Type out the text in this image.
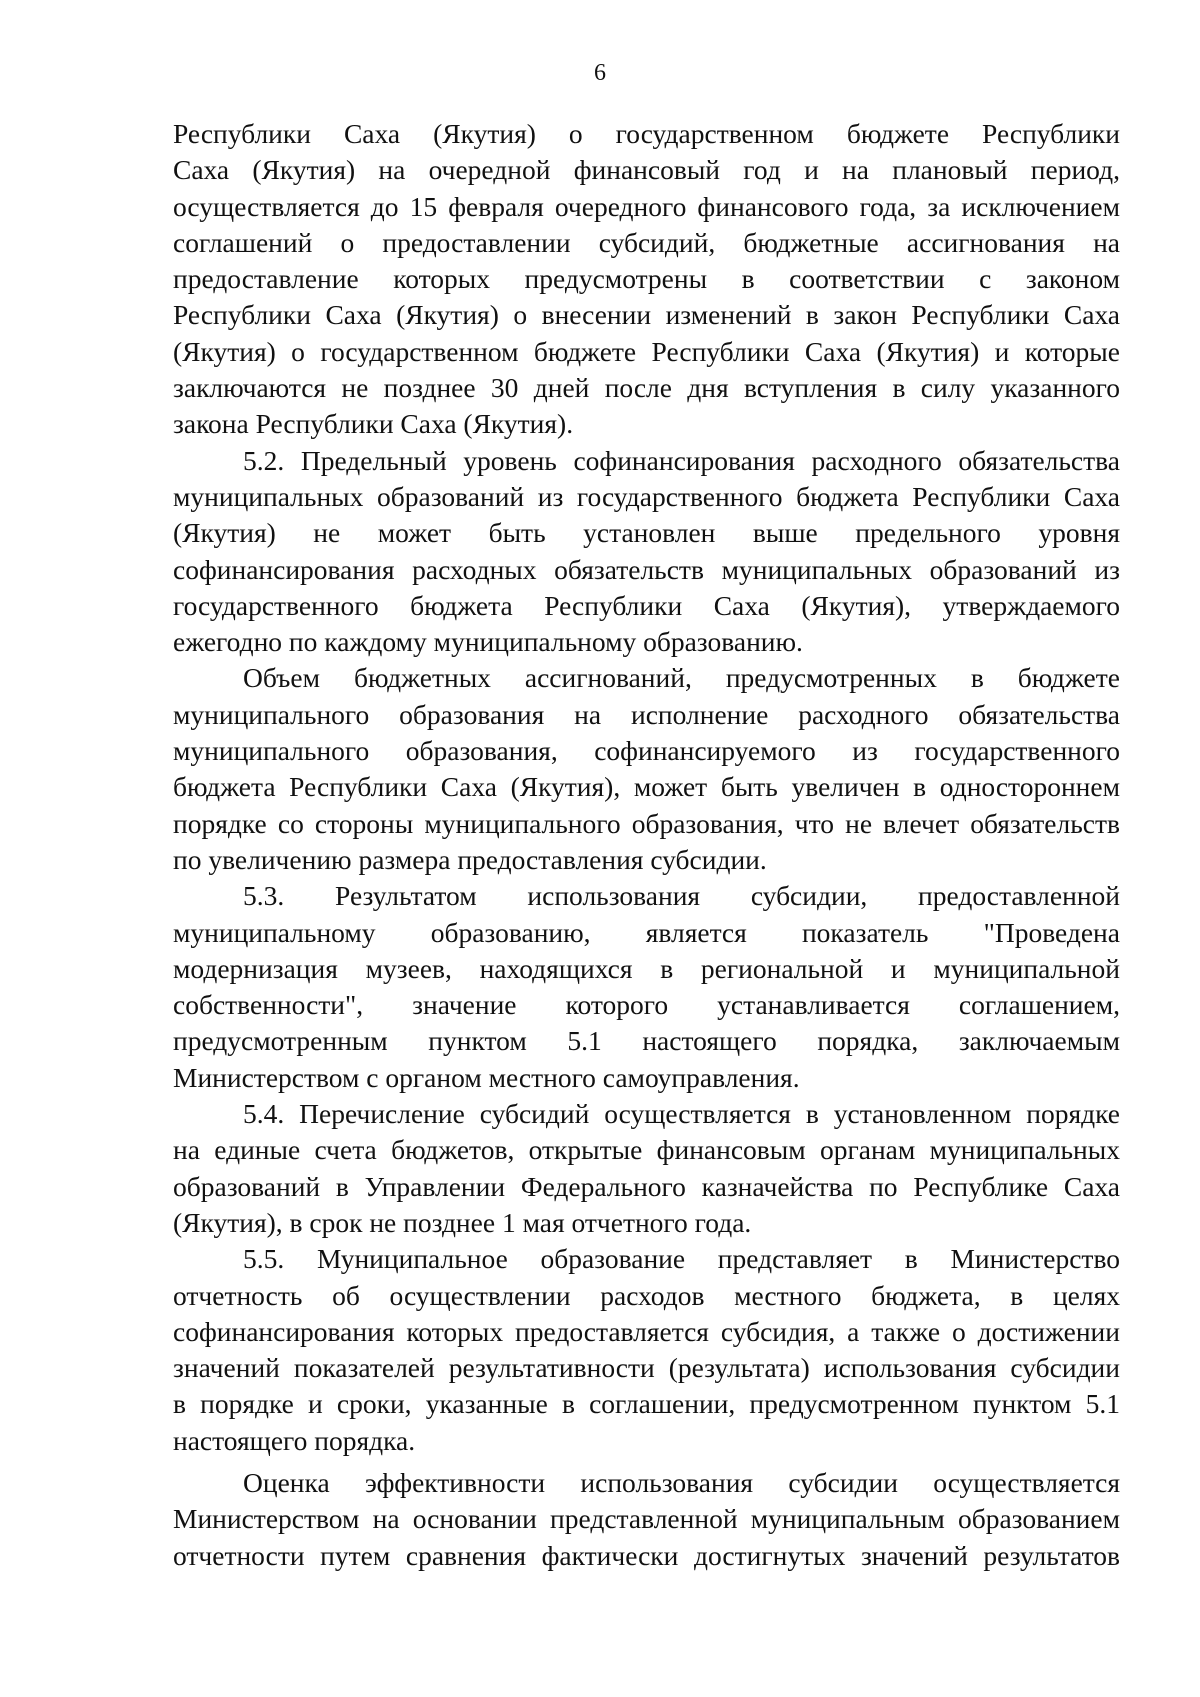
6
Республики Саха (Якутия) о государственном бюджете Республики
Саха (Якутия) на очередной финансовый год и на плановый период,
осуществляется до 15 февраля очередного финансового года, за исключением
соглашений о предоставлении субсидий, бюджетные ассигнования на
предоставление которых предусмотрены в соответствии с законом
Республики Саха (Якутия) о внесении изменений в закон Республики Саха
(Якутия) о государственном бюджете Республики Саха (Якутия) и которые
заключаются не позднее 30 дней после дня вступления в силу указанного
закона Республики Саха (Якутия).
5.2. Предельный уровень софинансирования расходного обязательства
муниципальных образований из государственного бюджета Республики Саха
(Якутия) не может быть установлен выше предельного уровня
софинансирования расходных обязательств муниципальных образований из
государственного бюджета Республики Саха (Якутия), утверждаемого
ежегодно по каждому муниципальному образованию.
Объем бюджетных ассигнований, предусмотренных в бюджете
муниципального образования на исполнение расходного обязательства
муниципального образования, софинансируемого из государственного
бюджета Республики Саха (Якутия), может быть увеличен в одностороннем
порядке со стороны муниципального образования, что не влечет обязательств
по увеличению размера предоставления субсидии.
5.3. Результатом использования субсидии, предоставленной
муниципальному образованию, является показатель "Проведена
модернизация музеев, находящихся в региональной и муниципальной
собственности", значение которого устанавливается соглашением,
предусмотренным пунктом 5.1 настоящего порядка, заключаемым
Министерством с органом местного самоуправления.
5.4. Перечисление субсидий осуществляется в установленном порядке
на единые счета бюджетов, открытые финансовым органам муниципальных
образований в Управлении Федерального казначейства по Республике Саха
(Якутия), в срок не позднее 1 мая отчетного года.
5.5. Муниципальное образование представляет в Министерство
отчетность об осуществлении расходов местного бюджета, в целях
софинансирования которых предоставляется субсидия, а также о достижении
значений показателей результативности (результата) использования субсидии
в порядке и сроки, указанные в соглашении, предусмотренном пунктом 5.1
настоящего порядка.
Оценка эффективности использования субсидии осуществляется
Министерством на основании представленной муниципальным образованием
отчетности путем сравнения фактически достигнутых значений результатов
